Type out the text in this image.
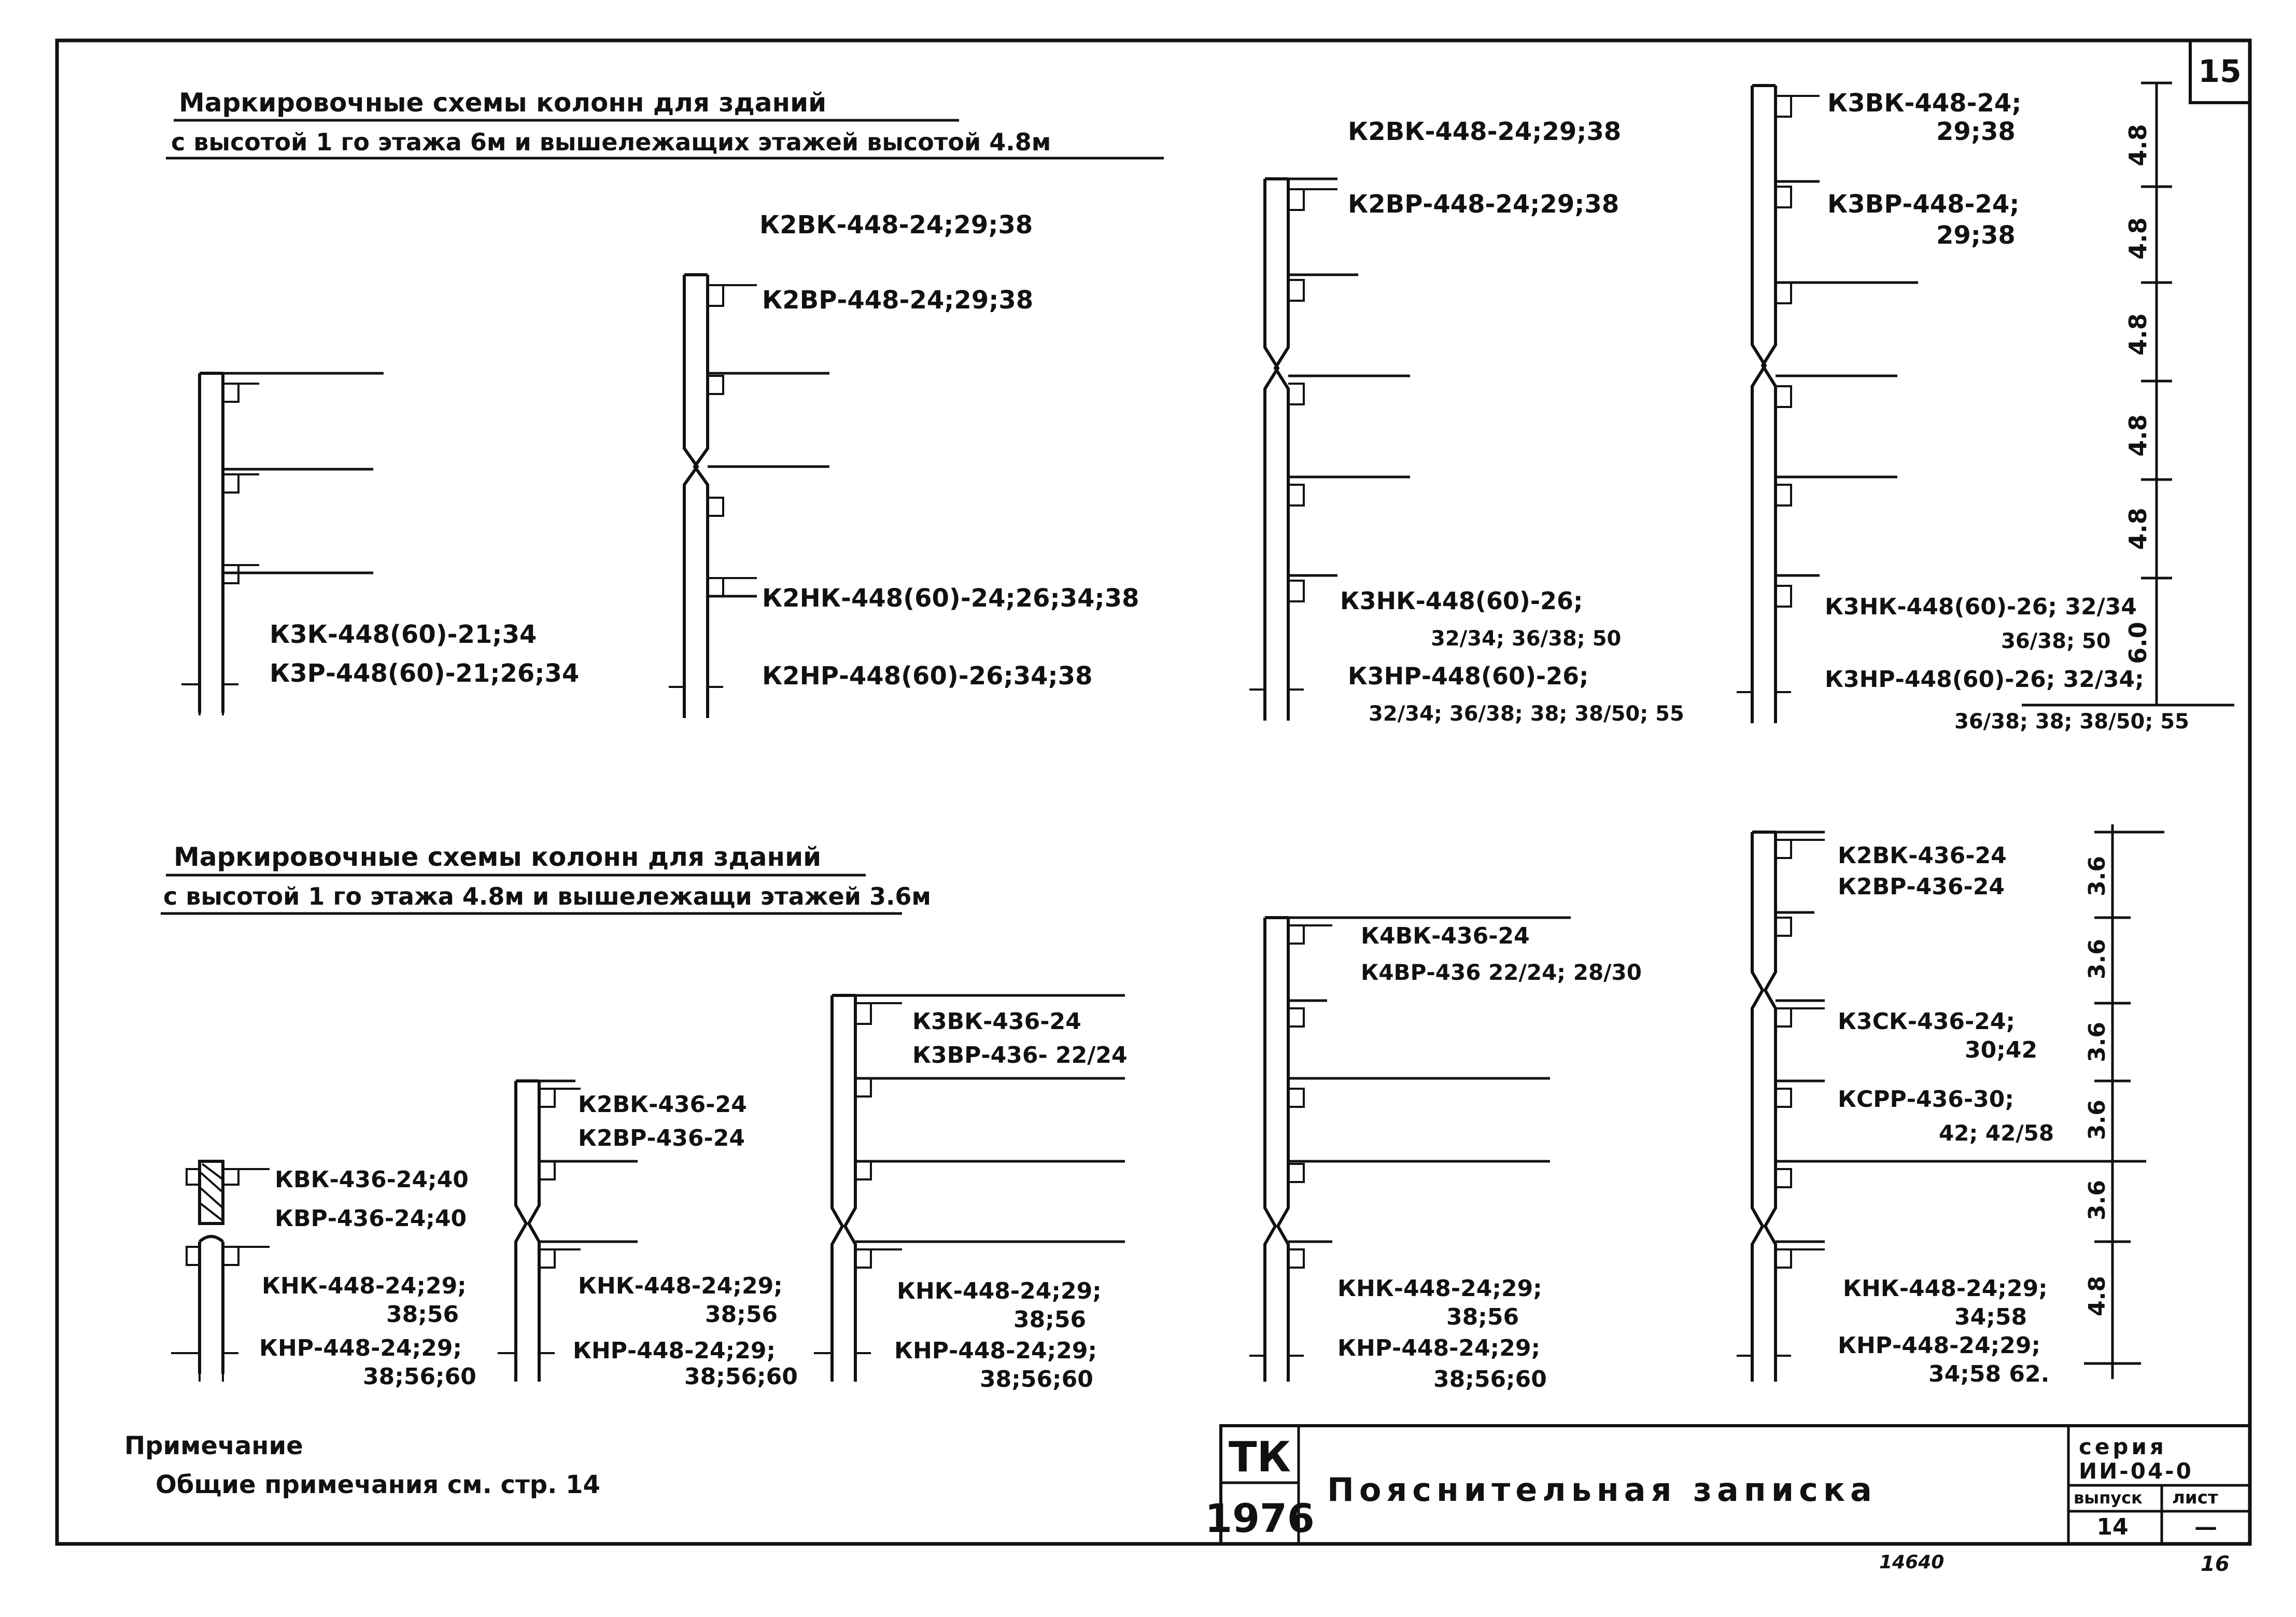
15
Маркировочные схемы колонн для зданий
с высотой 1 го этажа 6м и вышележащих этажей высотой 4.8м
К3К-448(60)-21;34
К3Р-448(60)-21;26;34
К2ВК-448-24;29;38
К2ВР-448-24;29;38
К2НК-448(60)-24;26;34;38
К2НР-448(60)-26;34;38
К2ВК-448-24;29;38
К2ВР-448-24;29;38
К3НК-448(60)-26;
32/34; 36/38; 50
К3НР-448(60)-26;
32/34; 36/38; 38; 38/50; 55
К3ВК-448-24;
29;38
К3ВР-448-24;
29;38
К3НК-448(60)-26; 32/34
36/38; 50
К3НР-448(60)-26; 32/34;
36/38; 38; 38/50; 55
4.8
4.8
4.8
4.8
4.8
6.0
Маркировочные схемы колонн для зданий
с высотой 1 го этажа 4.8м и вышележащи этажей 3.6м
КВК-436-24;40
КВР-436-24;40
КНК-448-24;29;
38;56
КНР-448-24;29;
38;56;60
К2ВК-436-24
К2ВР-436-24
КНК-448-24;29;
38;56
КНР-448-24;29;
38;56;60
К3ВК-436-24
К3ВР-436- 22/24
КНК-448-24;29;
38;56
КНР-448-24;29;
38;56;60
К4ВК-436-24
К4ВР-436 22/24; 28/30
КНК-448-24;29;
38;56
КНР-448-24;29;
38;56;60
К2ВК-436-24
К2ВР-436-24
К3СК-436-24;
30;42
КСРР-436-30;
42; 42/58
КНК-448-24;29;
34;58
КНР-448-24;29;
34;58 62.
3.6
3.6
3.6
3.6
3.6
4.8
Примечание
Общие примечания см. стр. 14
ТК
1976
Пояснительная записка
серия
ИИ-04-0
выпуск
14
лист
—
14640	16
